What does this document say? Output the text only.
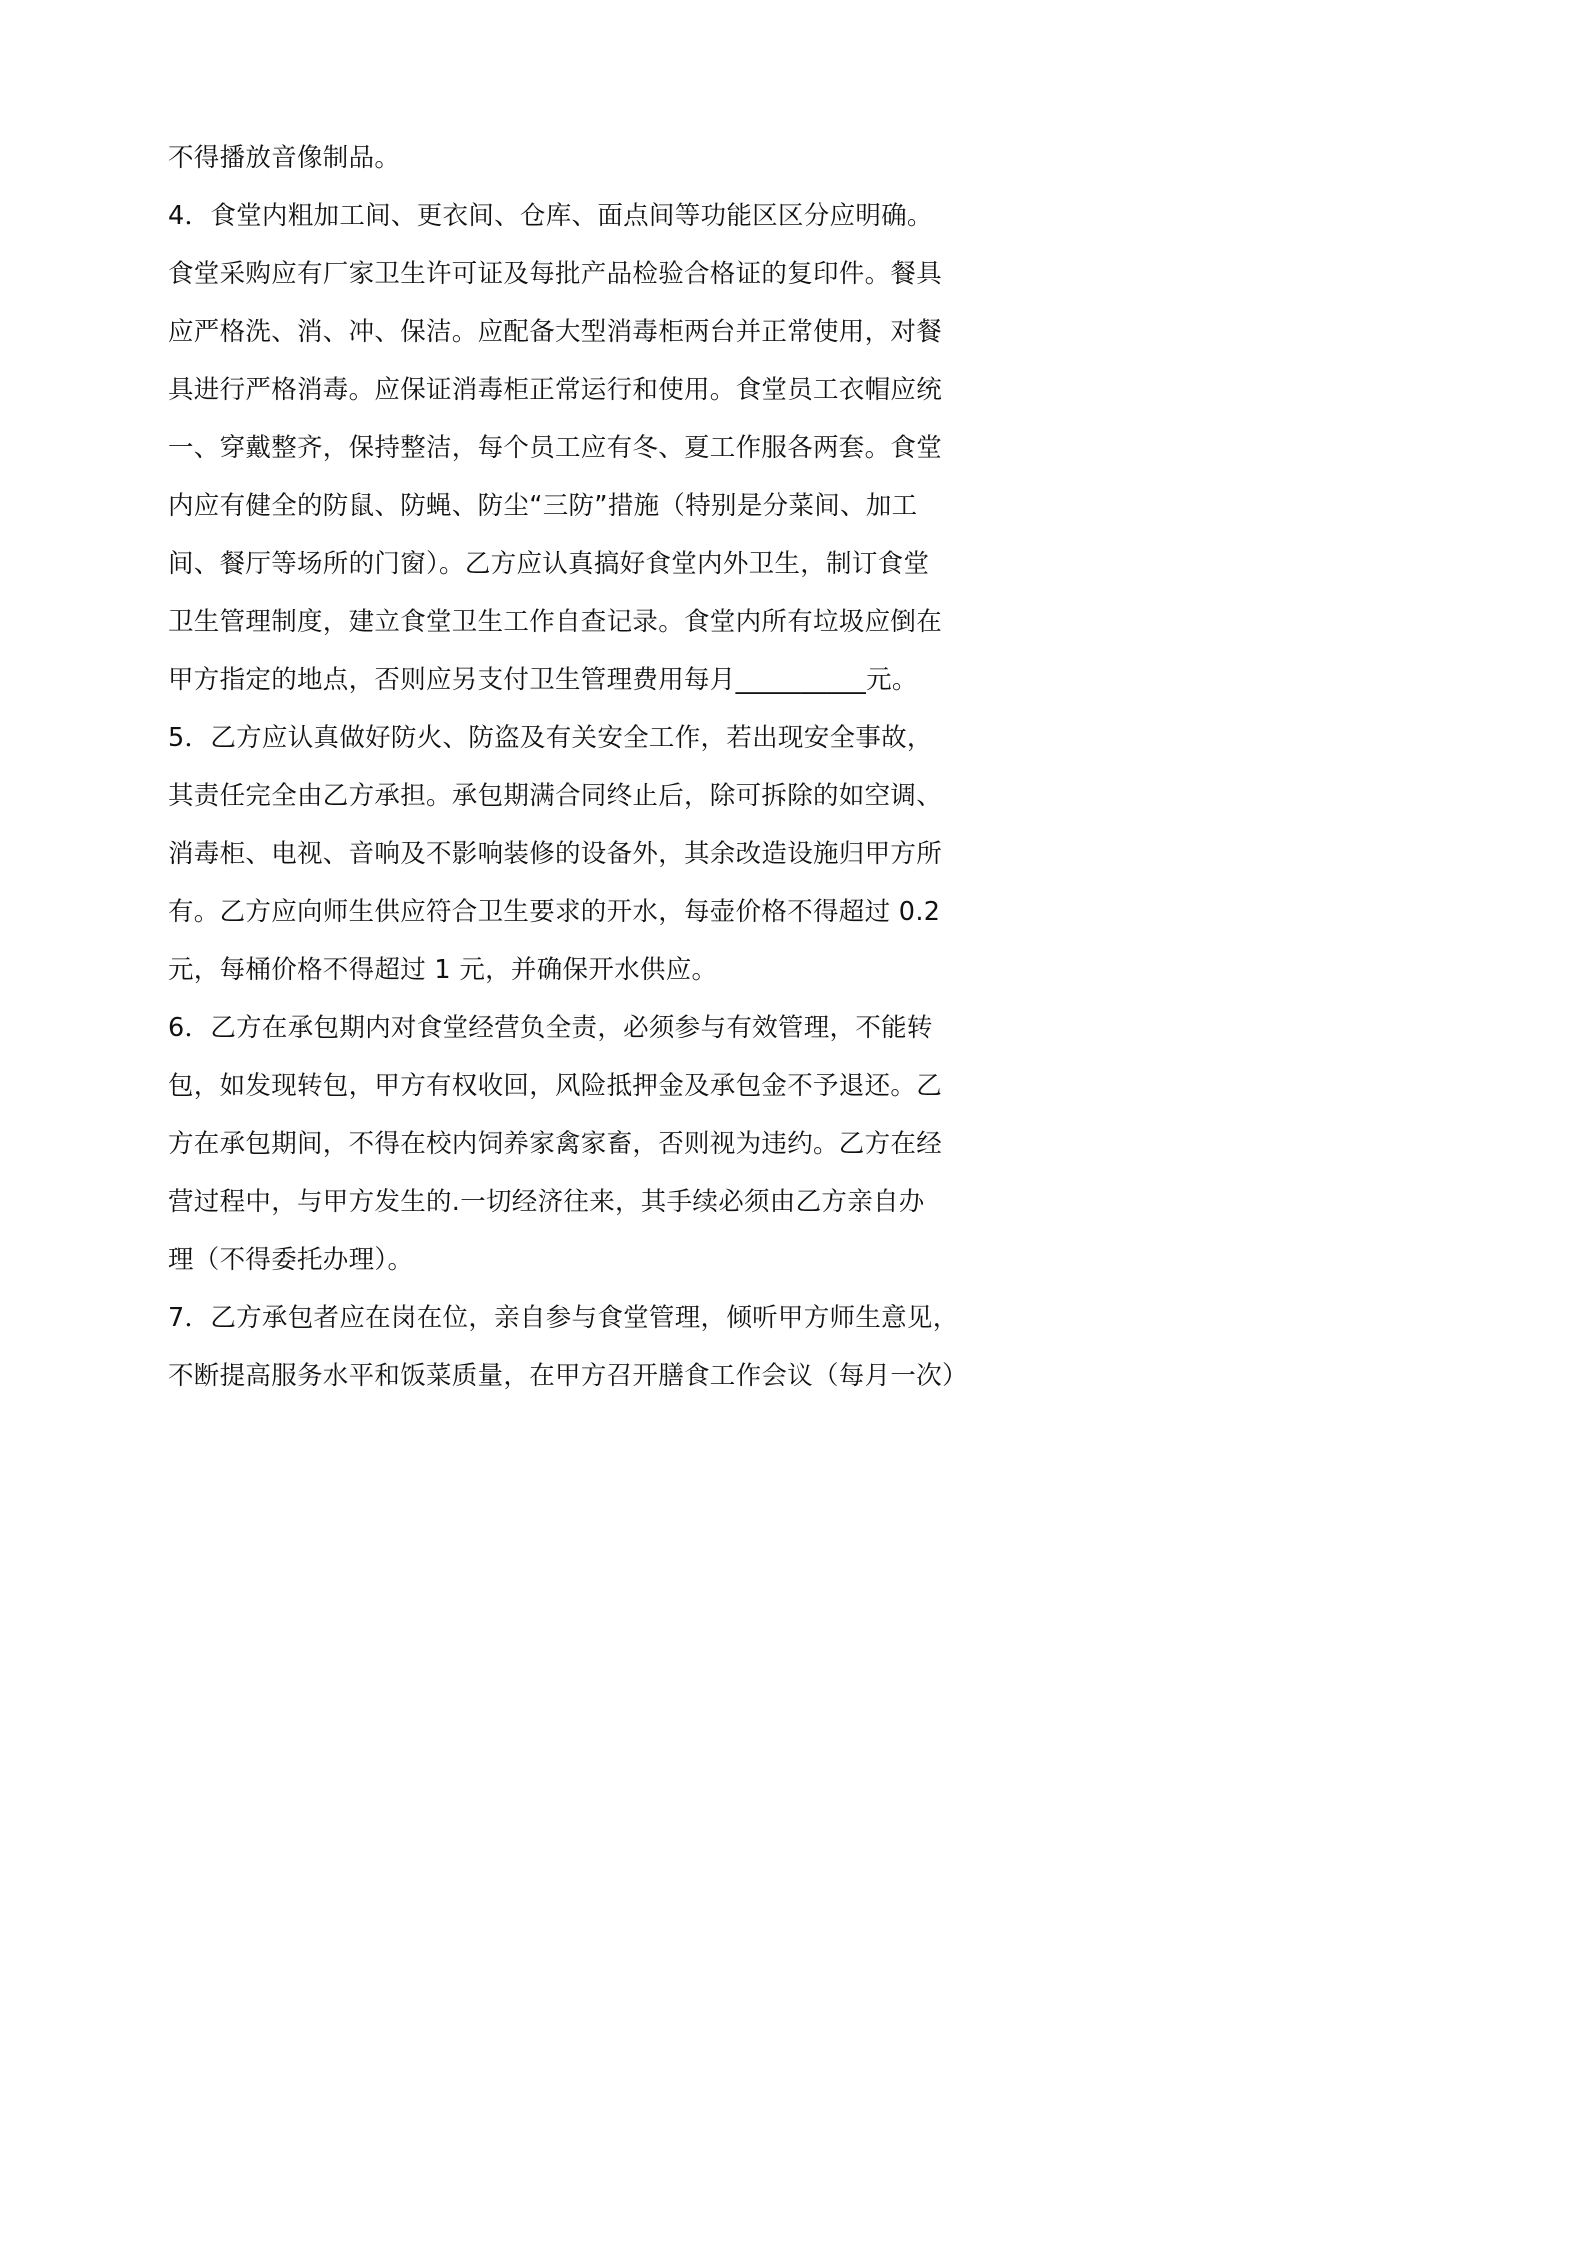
不得播放音像制品。
4．食堂内粗加工间、更衣间、仓库、面点间等功能区区分应明确。
食堂采购应有厂家卫生许可证及每批产品检验合格证的复印件。餐具
应严格洗、消、冲、保洁。应配备大型消毒柜两台并正常使用，对餐
具进行严格消毒。应保证消毒柜正常运行和使用。食堂员工衣帽应统
一、穿戴整齐，保持整洁，每个员工应有冬、夏工作服各两套。食堂
内应有健全的防鼠、防蝇、防尘“三防”措施（特别是分菜间、加工
间、餐厅等场所的门窗）。乙方应认真搞好食堂内外卫生，制订食堂
卫生管理制度，建立食堂卫生工作自查记录。食堂内所有垃圾应倒在
甲方指定的地点，否则应另支付卫生管理费用每月__________元。
5．乙方应认真做好防火、防盗及有关安全工作，若出现安全事故，
其责任完全由乙方承担。承包期满合同终止后，除可拆除的如空调、
消毒柜、电视、音响及不影响装修的设备外，其余改造设施归甲方所
有。乙方应向师生供应符合卫生要求的开水，每壶价格不得超过 0.2
元，每桶价格不得超过 1 元，并确保开水供应。
6．乙方在承包期内对食堂经营负全责，必须参与有效管理，不能转
包，如发现转包，甲方有权收回，风险抵押金及承包金不予退还。乙
方在承包期间，不得在校内饲养家禽家畜，否则视为违约。乙方在经
营过程中，与甲方发生的.一切经济往来，其手续必须由乙方亲自办
理（不得委托办理）。
7．乙方承包者应在岗在位，亲自参与食堂管理，倾听甲方师生意见，
不断提高服务水平和饭菜质量，在甲方召开膳食工作会议（每月一次）
